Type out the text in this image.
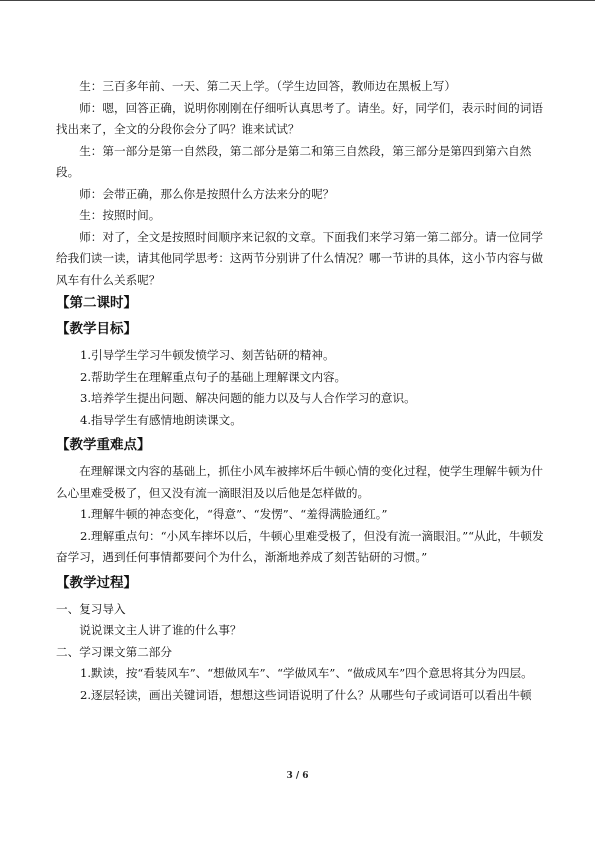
生：三百多年前、一天、第二天上学。（学生边回答，教师边在黑板上写）

师：嗯，回答正确，说明你刚刚在仔细听认真思考了。请坐。好，同学们，表示时间的词语找出来了，全文的分段你会分了吗？谁来试试？

生：第一部分是第一自然段，第二部分是第二和第三自然段，第三部分是第四到第六自然段。

师：会带正确，那么你是按照什么方法来分的呢？

生：按照时间。

师：对了，全文是按照时间顺序来记叙的文章。下面我们来学习第一第二部分。请一位同学给我们读一读，请其他同学思考：这两节分别讲了什么情况？哪一节讲的具体，这小节内容与做风车有什么关系呢？

【第二课时】
【教学目标】

1.引导学生学习牛顿发愤学习、刻苦钻研的精神。

2.帮助学生在理解重点句子的基础上理解课文内容。

3.培养学生提出问题、解决问题的能力以及与人合作学习的意识。

4.指导学生有感情地朗读课文。

【教学重难点】

在理解课文内容的基础上，抓住小风车被摔坏后牛顿心情的变化过程，使学生理解牛顿为什么心里难受极了，但又没有流一滴眼泪及以后他是怎样做的。

1.理解牛顿的神态变化，“得意”、“发愣”、“羞得满脸通红。”

2.理解重点句：“小风车摔坏以后，牛顿心里难受极了，但没有流一滴眼泪。”“从此，牛顿发奋学习，遇到任何事情都要问个为什么，渐渐地养成了刻苦钻研的习惯。”

【教学过程】

一、复习导入

说说课文主人讲了谁的什么事？

二、学习课文第二部分

1.默读，按“看装风车”、“想做风车”、“学做风车”、“做成风车”四个意思将其分为四层。

2.逐层轻读，画出关键词语，想想这些词语说明了什么？从哪些句子或词语可以看出牛顿

3 / 6
